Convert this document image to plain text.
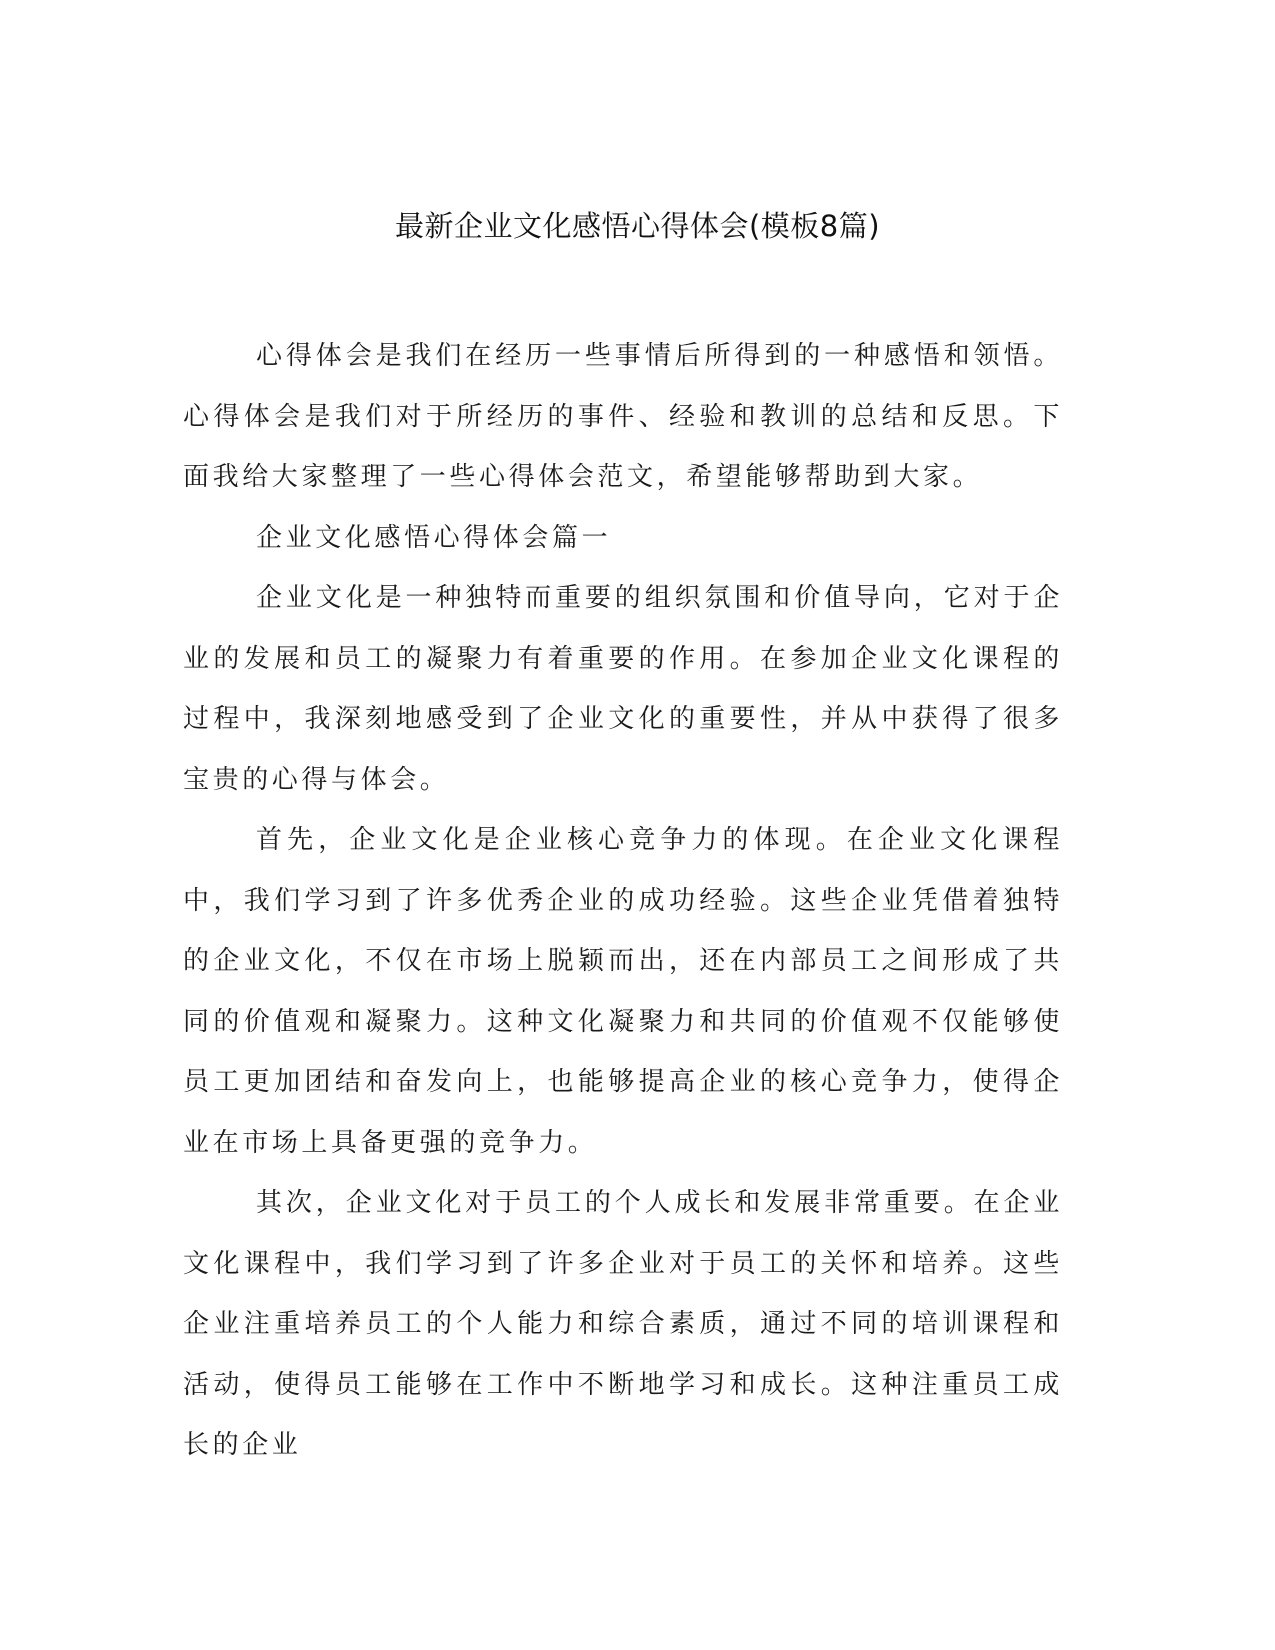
最新企业文化感悟心得体会(模板8篇)

心得体会是我们在经历一些事情后所得到的一种感悟和领悟。心得体会是我们对于所经历的事件、经验和教训的总结和反思。下面我给大家整理了一些心得体会范文，希望能够帮助到大家。

企业文化感悟心得体会篇一

企业文化是一种独特而重要的组织氛围和价值导向，它对于企业的发展和员工的凝聚力有着重要的作用。在参加企业文化课程的过程中，我深刻地感受到了企业文化的重要性，并从中获得了很多宝贵的心得与体会。

首先，企业文化是企业核心竞争力的体现。在企业文化课程中，我们学习到了许多优秀企业的成功经验。这些企业凭借着独特的企业文化，不仅在市场上脱颖而出，还在内部员工之间形成了共同的价值观和凝聚力。这种文化凝聚力和共同的价值观不仅能够使员工更加团结和奋发向上，也能够提高企业的核心竞争力，使得企业在市场上具备更强的竞争力。

其次，企业文化对于员工的个人成长和发展非常重要。在企业文化课程中，我们学习到了许多企业对于员工的关怀和培养。这些企业注重培养员工的个人能力和综合素质，通过不同的培训课程和活动，使得员工能够在工作中不断地学习和成长。这种注重员工成长的企业
